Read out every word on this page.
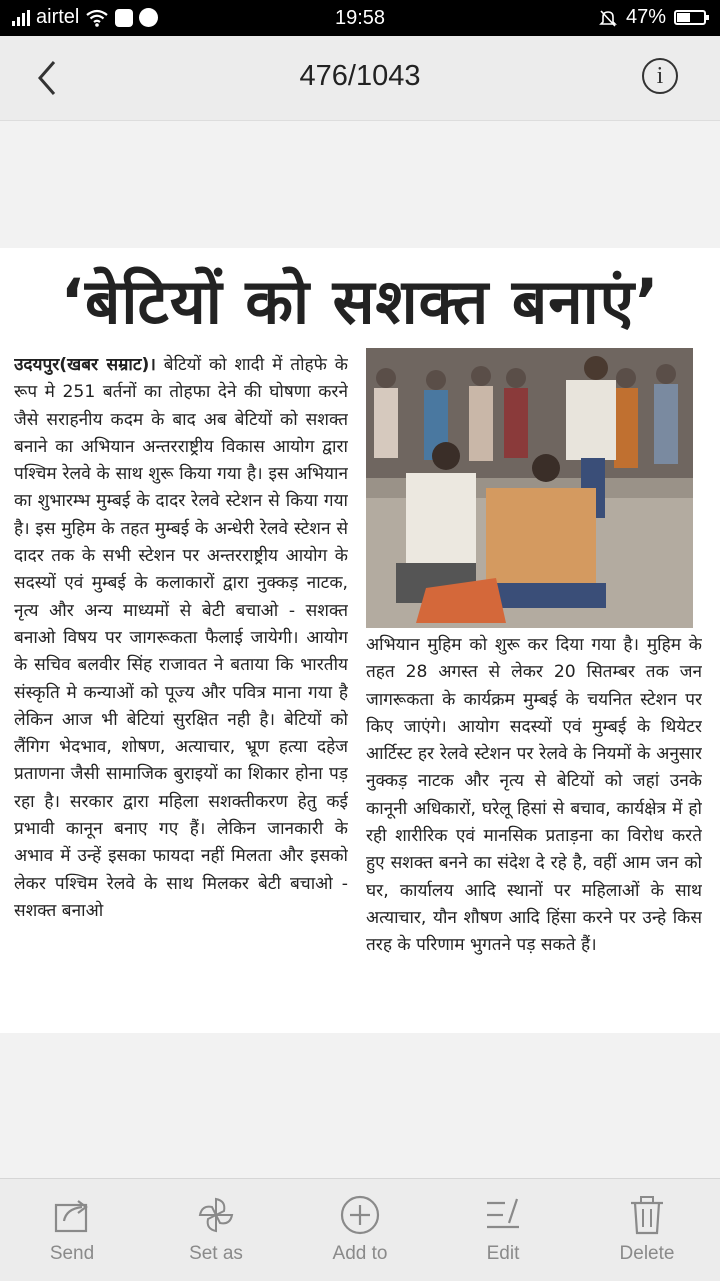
airtel	19:58	47%
476/1043	i
‘बेटियों को सशक्त बनाएं’
उदयपुर(खबर सम्राट)। बेटियों को शादी में तोहफे के रूप मे 251 बर्तनों का तोहफा देने की घोषणा करने जैसे सराहनीय कदम के बाद अब बेटियों को सशक्त बनाने का अभियान अन्तरराष्ट्रीय विकास आयोग द्वारा पश्चिम रेलवे के साथ शुरू किया गया है। इस अभियान का शुभारम्भ मुम्बई के दादर रेलवे स्टेशन से किया गया है। इस मुहिम के तहत मुम्बई के अन्धेरी रेलवे स्टेशन से दादर तक के सभी स्टेशन पर अन्तरराष्ट्रीय आयोग के सदस्यों एवं मुम्बई के कलाकारों द्वारा नुक्कड़ नाटक, नृत्य और अन्य माध्यमों से बेटी बचाओ - सशक्त बनाओ विषय पर जागरूकता फैलाई जायेगी। आयोग के सचिव बलवीर सिंह राजावत ने बताया कि भारतीय संस्कृति मे कन्याओं को पूज्य और पवित्र माना गया है लेकिन आज भी बेटियां सुरक्षित नही है। बेटियों को लैंगिग भेदभाव, शोषण, अत्याचार, भ्रूण हत्या दहेज प्रताणना जैसी सामाजिक बुराइयों का शिकार होना पड़ रहा है। सरकार द्वारा महिला सशक्तीकरण हेतु कई प्रभावी कानून बनाए गए हैं। लेकिन जानकारी के अभाव में उन्हें इसका फायदा नहीं मिलता और इसको लेकर पश्चिम रेलवे के साथ मिलकर बेटी बचाओ - सशक्त बनाओ
अभियान मुहिम को शुरू कर दिया गया है। मुहिम के तहत 28 अगस्त से लेकर 20 सितम्बर तक जन जागरूकता के कार्यक्रम मुम्बई के चयनित स्टेशन पर किए जाएंगे। आयोग सदस्यों एवं मुम्बई के थियेटर आर्टिस्ट हर रेलवे स्टेशन पर रेलवे के नियमों के अनुसार नुक्कड़ नाटक और नृत्य से बेटियों को जहां उनके कानूनी अधिकारों, घरेलू हिसां से बचाव, कार्यक्षेत्र में हो रही शारीरिक एवं मानसिक प्रताड़ना का विरोध करते हुए सशक्त बनने का संदेश दे रहे है, वहीं आम जन को घर, कार्यालय आदि स्थानों पर महिलाओं के साथ अत्याचार, यौन शौषण आदि हिंसा करने पर उन्हे किस तरह के परिणाम भुगतने पड़ सकते हैं।
Send	Set as	Add to	Edit	Delete
